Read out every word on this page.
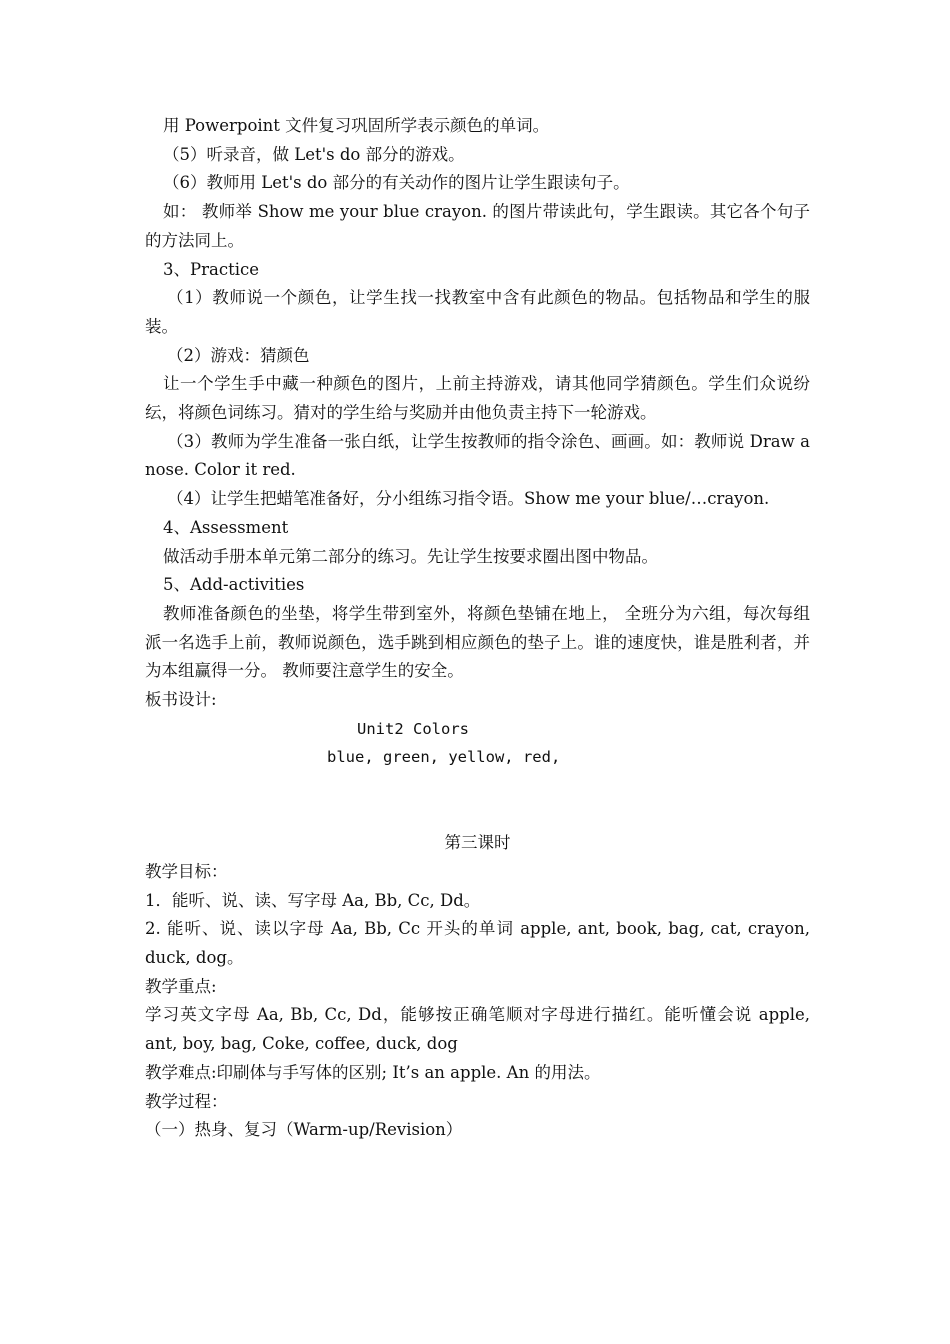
用 Powerpoint 文件复习巩固所学表示颜色的单词。

（5）听录音，做 Let's do 部分的游戏。

（6）教师用 Let's do 部分的有关动作的图片让学生跟读句子。

如： 教师举 Show me your blue crayon. 的图片带读此句，学生跟读。其它各个句子的方法同上。

3、Practice

（1）教师说一个颜色，让学生找一找教室中含有此颜色的物品。包括物品和学生的服装。

（2）游戏：猜颜色

让一个学生手中藏一种颜色的图片，上前主持游戏，请其他同学猜颜色。学生们众说纷纭，将颜色词练习。猜对的学生给与奖励并由他负责主持下一轮游戏。

（3）教师为学生准备一张白纸，让学生按教师的指令涂色、画画。如：教师说 Draw a nose. Color it red.

（4）让学生把蜡笔准备好，分小组练习指令语。Show me your blue/…crayon.

4、Assessment

做活动手册本单元第二部分的练习。先让学生按要求圈出图中物品。

5、Add-activities

教师准备颜色的坐垫，将学生带到室外，将颜色垫铺在地上， 全班分为六组，每次每组派一名选手上前，教师说颜色，选手跳到相应颜色的垫子上。谁的速度快，谁是胜利者，并为本组赢得一分。 教师要注意学生的安全。

板书设计:

Unit2 Colors
blue, green, yellow, red,

第三课时

教学目标：

1．能听、说、读、写字母 Aa, Bb, Cc, Dd。

2. 能听、说、读以字母 Aa, Bb, Cc 开头的单词 apple, ant, book, bag, cat, crayon, duck, dog。

教学重点:

学习英文字母 Aa, Bb, Cc, Dd，能够按正确笔顺对字母进行描红。能听懂会说 apple, ant, boy, bag, Coke, coffee, duck, dog

教学难点:印刷体与手写体的区别; It’s an apple. An 的用法。

教学过程：

（一）热身、复习（Warm-up/Revision）
